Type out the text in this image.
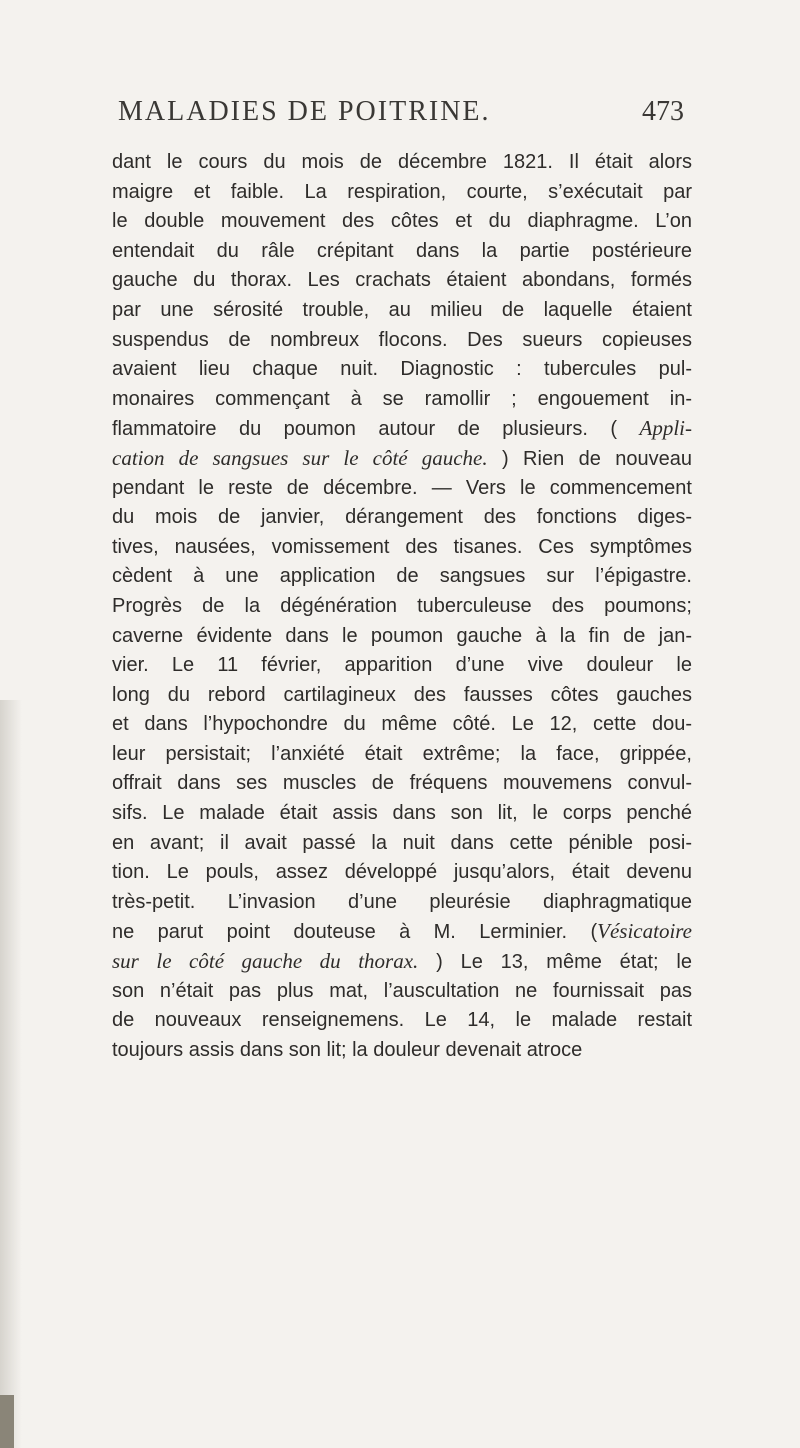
MALADIES DE POITRINE.	473
dant le cours du mois de décembre 1821. Il était alors
maigre et faible. La respiration, courte, s’exécutait par
le double mouvement des côtes et du diaphragme. L’on
entendait du râle crépitant dans la partie postérieure
gauche du thorax. Les crachats étaient abondans, formés
par une sérosité trouble, au milieu de laquelle étaient
suspendus de nombreux flocons. Des sueurs copieuses
avaient lieu chaque nuit. Diagnostic : tubercules pul-
monaires commençant à se ramollir ; engouement in-
flammatoire du poumon autour de plusieurs. ( Appli-
cation de sangsues sur le côté gauche. ) Rien de nouveau
pendant le reste de décembre. — Vers le commencement
du mois de janvier, dérangement des fonctions diges-
tives, nausées, vomissement des tisanes. Ces symptômes
cèdent à une application de sangsues sur l’épigastre.
Progrès de la dégénération tuberculeuse des poumons;
caverne évidente dans le poumon gauche à la fin de jan-
vier. Le 11 février, apparition d’une vive douleur le
long du rebord cartilagineux des fausses côtes gauches
et dans l’hypochondre du même côté. Le 12, cette dou-
leur persistait; l’anxiété était extrême; la face, grippée,
offrait dans ses muscles de fréquens mouvemens convul-
sifs. Le malade était assis dans son lit, le corps penché
en avant; il avait passé la nuit dans cette pénible posi-
tion. Le pouls, assez développé jusqu’alors, était devenu
très-petit. L’invasion d’une pleurésie diaphragmatique
ne parut point douteuse à M. Lerminier. (Vésicatoire
sur le côté gauche du thorax. ) Le 13, même état; le
son n’était pas plus mat, l’auscultation ne fournissait pas
de nouveaux renseignemens. Le 14, le malade restait
toujours assis dans son lit; la douleur devenait atroce
